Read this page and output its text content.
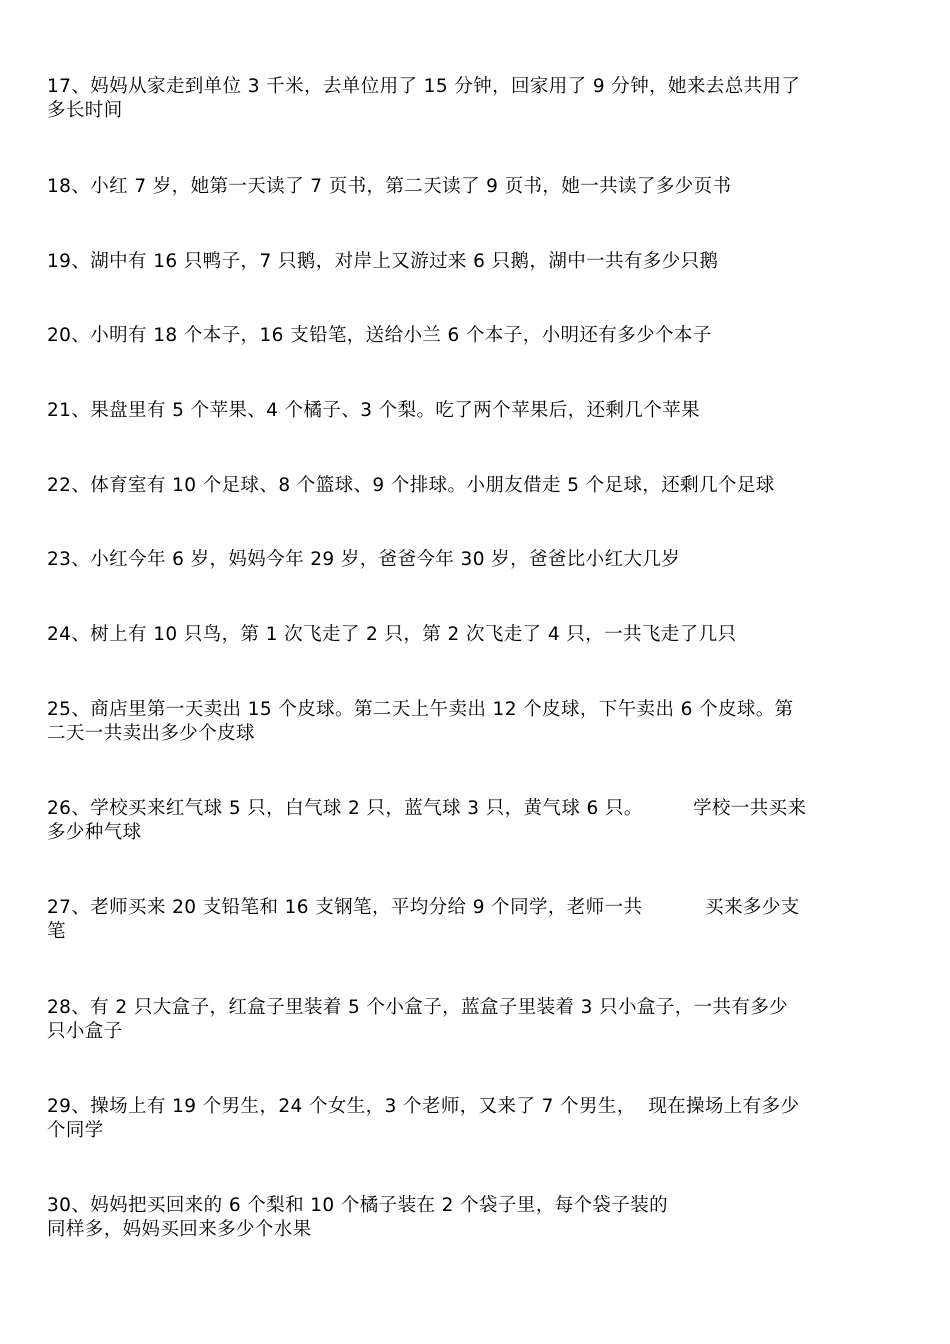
17、妈妈从家走到单位 3 千米，去单位用了 15 分钟，回家用了 9 分钟，她来去总共用了
多长时间
18、小红 7 岁，她第一天读了 7 页书，第二天读了 9 页书，她一共读了多少页书
19、湖中有 16 只鸭子，7 只鹅，对岸上又游过来 6 只鹅，湖中一共有多少只鹅
20、小明有 18 个本子，16 支铅笔，送给小兰 6 个本子，小明还有多少个本子
21、果盘里有 5 个苹果、4 个橘子、3 个梨。吃了两个苹果后，还剩几个苹果
22、体育室有 10 个足球、8 个篮球、9 个排球。小朋友借走 5 个足球，还剩几个足球
23、小红今年 6 岁，妈妈今年 29 岁，爸爸今年 30 岁，爸爸比小红大几岁
24、树上有 10 只鸟，第 1 次飞走了 2 只，第 2 次飞走了 4 只，一共飞走了几只
25、商店里第一天卖出 15 个皮球。第二天上午卖出 12 个皮球，下午卖出 6 个皮球。第
二天一共卖出多少个皮球
26、学校买来红气球 5 只，白气球 2 只，蓝气球 3 只，黄气球 6 只。        学校一共买来
多少种气球
27、老师买来 20 支铅笔和 16 支钢笔，平均分给 9 个同学，老师一共          买来多少支
笔
28、有 2 只大盒子，红盒子里装着 5 个小盒子，蓝盒子里装着 3 只小盒子，一共有多少
只小盒子
29、操场上有 19 个男生，24 个女生，3 个老师，又来了 7 个男生，  现在操场上有多少
个同学
30、妈妈把买回来的 6 个梨和 10 个橘子装在 2 个袋子里，每个袋子装的
同样多，妈妈买回来多少个水果
